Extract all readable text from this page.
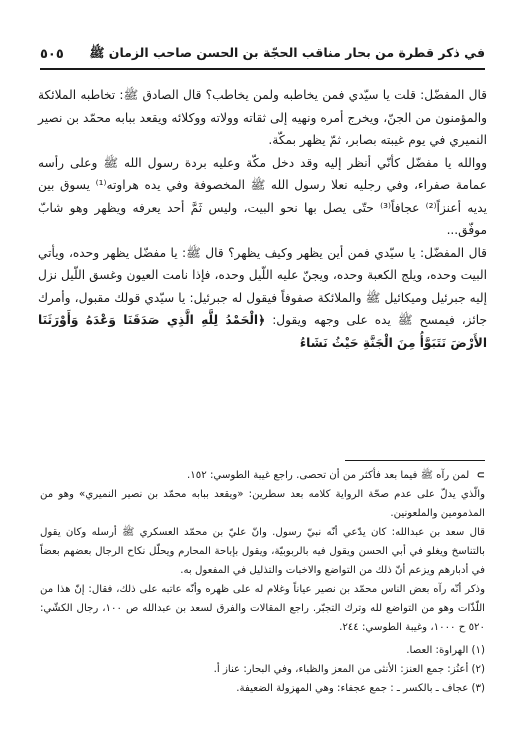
في ذكر قطرة من بحار مناقب الحجّة بن الحسن صاحب الزمان ﷺ
٥٠٥

قال المفضّل: قلت يا سيّدي فمن يخاطبه ولمن يخاطب؟ قال الصادق ﷺ: تخاطبه الملائكة والمؤمنون من الجنّ، ويخرج أمره ونهيه إلى ثقاته وولاته ووكلائه ويقعد ببابه محمّد بن نصير النميري في يوم غيبته بصابر، ثمّ يظهر بمكّة.

ووالله يا مفضّل كأنّي أنظر إليه وقد دخل مكّة وعليه بردة رسول الله ﷺ وعلى رأسه عمامة صفراء، وفي رجليه نعلا رسول الله ﷺ المخصوفة وفي يده هراوته⁽¹⁾ يسوق بين يديه أعنزاً⁽²⁾ عجافاً⁽³⁾ حتّى يصل بها نحو البيت، وليس ثَمَّ أحد يعرفه ويظهر وهو شابّ موفّق...

قال المفضّل: يا سيّدي فمن أين يظهر وكيف يظهر؟ قال ﷺ: يا مفضّل يظهر وحده، ويأتي البيت وحده، ويلج الكعبة وحده، ويجنّ عليه اللّيل وحده، فإذا نامت العيون وغسق اللّيل نزل إليه جبرئيل وميكائيل ﷺ والملائكة صفوفاً فيقول له جبرئيل: يا سيّدي قولك مقبول، وأمرك جائز، فيمسح ﷺ يده على وجهه ويقول: ﴿الْحَمْدُ لِلَّهِ الَّذِي صَدَقَنَا وَعْدَهُ وَأَوْرَثَنَا الأَرْضَ نَتَبَوَّأُ مِنَ الْجَنَّةِ حَيْثُ نَشَاءُ

⊃ لمن رآه ﷺ فيما بعد فأكثر من أن تحصى. راجع غيبة الطوسي: ١٥٢.

والّذي يدلّ على عدم صحّة الرواية كلامه بعد سطرين: «ويقعد ببابه محمّد بن نصير النميري» وهو من المذمومين والملعونين.

قال سعد بن عبدالله: كان يدّعي أنّه نبيّ رسول. وانّ عليّ بن محمّد العسكري ﷺ أرسله وكان يقول بالتناسخ ويغلو في أبي الحسن ويقول فيه بالربوبيّة، ويقول بإباحة المحارم ويحلّل نكاح الرجال بعضهم بعضاً في أدبارهم ويزعم أنّ ذلك من التواضع والاخبات والتذليل في المفعول به.

وذكر أنّه رآه بعض الناس محمّد بن نصير عياناً وغلام له على ظهره وأنّه عاتبه على ذلك، فقال: إنّ هذا من اللّذّات وهو من التواضع لله وترك التجبّر. راجع المقالات والفرق لسعد بن عبدالله ص ١٠٠، رجال الكشّي: ٥٢٠ ح ١٠٠٠، وغيبة الطوسي: ٢٤٤.

(١) الهراوة: العصا.

(٢) أعنُز: جمع العنز: الأنثى من المعز والظباء، وفي البحار: عناز أ.

(٣) عجاف ـ بالكسر ـ : جمع عجفاء: وهي المهزولة الضعيفة.
